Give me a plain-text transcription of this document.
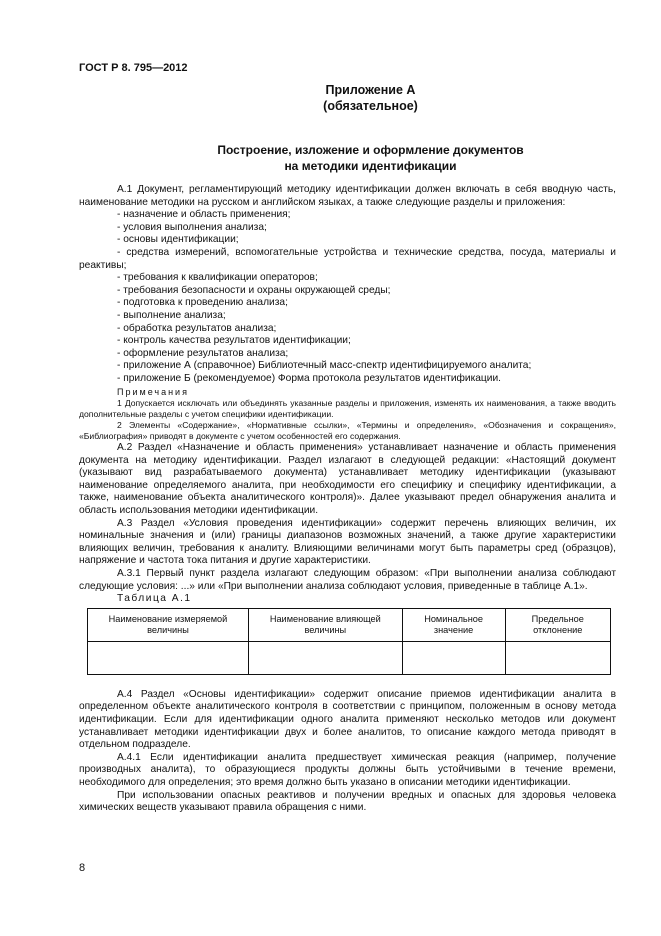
ГОСТ Р 8. 795—2012
Приложение А
(обязательное)
Построение, изложение и оформление документов
на методики идентификации

А.1 Документ, регламентирующий методику идентификации должен включать в себя вводную часть, наименование методики на русском и английском языках, а также следующие разделы и приложения:

- назначение и область применения;

- условия выполнения анализа;

- основы идентификации;

- средства измерений, вспомогательные устройства и технические средства, посуда, материалы и реактивы;

- требования к квалификации операторов;

- требования безопасности и охраны окружающей среды;

- подготовка к проведению анализа;

- выполнение анализа;

- обработка результатов анализа;

- контроль качества результатов идентификации;

- оформление результатов анализа;

- приложение А (справочное) Библиотечный масс-спектр идентифицируемого аналита;

- приложение Б (рекомендуемое) Форма протокола результатов идентификации.

Примечания

1 Допускается исключать или объединять указанные разделы и приложения, изменять их наименования, а также вводить дополнительные разделы с учетом специфики идентификации.

2 Элементы «Содержание», «Нормативные ссылки», «Термины и определения», «Обозначения и сокращения», «Библиография» приводят в документе с учетом особенностей его содержания.

А.2 Раздел «Назначение и область применения» устанавливает назначение и область применения документа на методику идентификации. Раздел излагают в следующей редакции: «Настоящий документ (указывают вид разрабатываемого документа) устанавливает методику идентификации (указывают наименование определяемого аналита, при необходимости его специфику и специфику идентификации, а также, наименование объекта аналитического контроля)». Далее указывают предел обнаружения аналита и область использования методики идентификации.

А.3 Раздел «Условия проведения идентификации» содержит перечень влияющих величин, их номинальные значения и (или) границы диапазонов возможных значений, а также другие характеристики влияющих величин, требования к аналиту. Влияющими величинами могут быть параметры сред (образцов), напряжение и частота тока питания и другие характеристики.

А.3.1 Первый пункт раздела излагают следующим образом: «При выполнении анализа соблюдают следующие условия: ...» или «При выполнении анализа соблюдают условия, приведенные в таблице А.1».

Таблица А.1

Наименование измеряемой величины	Наименование влияющей величины	Номинальное значение	Предельное отклонение

А.4 Раздел «Основы идентификации» содержит описание приемов идентификации аналита в определенном объекте аналитического контроля в соответствии с принципом, положенным в основу метода идентификации. Если для идентификации одного аналита применяют несколько методов или документ устанавливает методики идентификации двух и более аналитов, то описание каждого метода приводят в отдельном подразделе.

А.4.1 Если идентификации аналита предшествует химическая реакция (например, получение производных аналита), то образующиеся продукты должны быть устойчивыми в течение времени, необходимого для определения; это время должно быть указано в описании методики идентификации.

При использовании опасных реактивов и получении вредных и опасных для здоровья человека химических веществ указывают правила обращения с ними.

8
